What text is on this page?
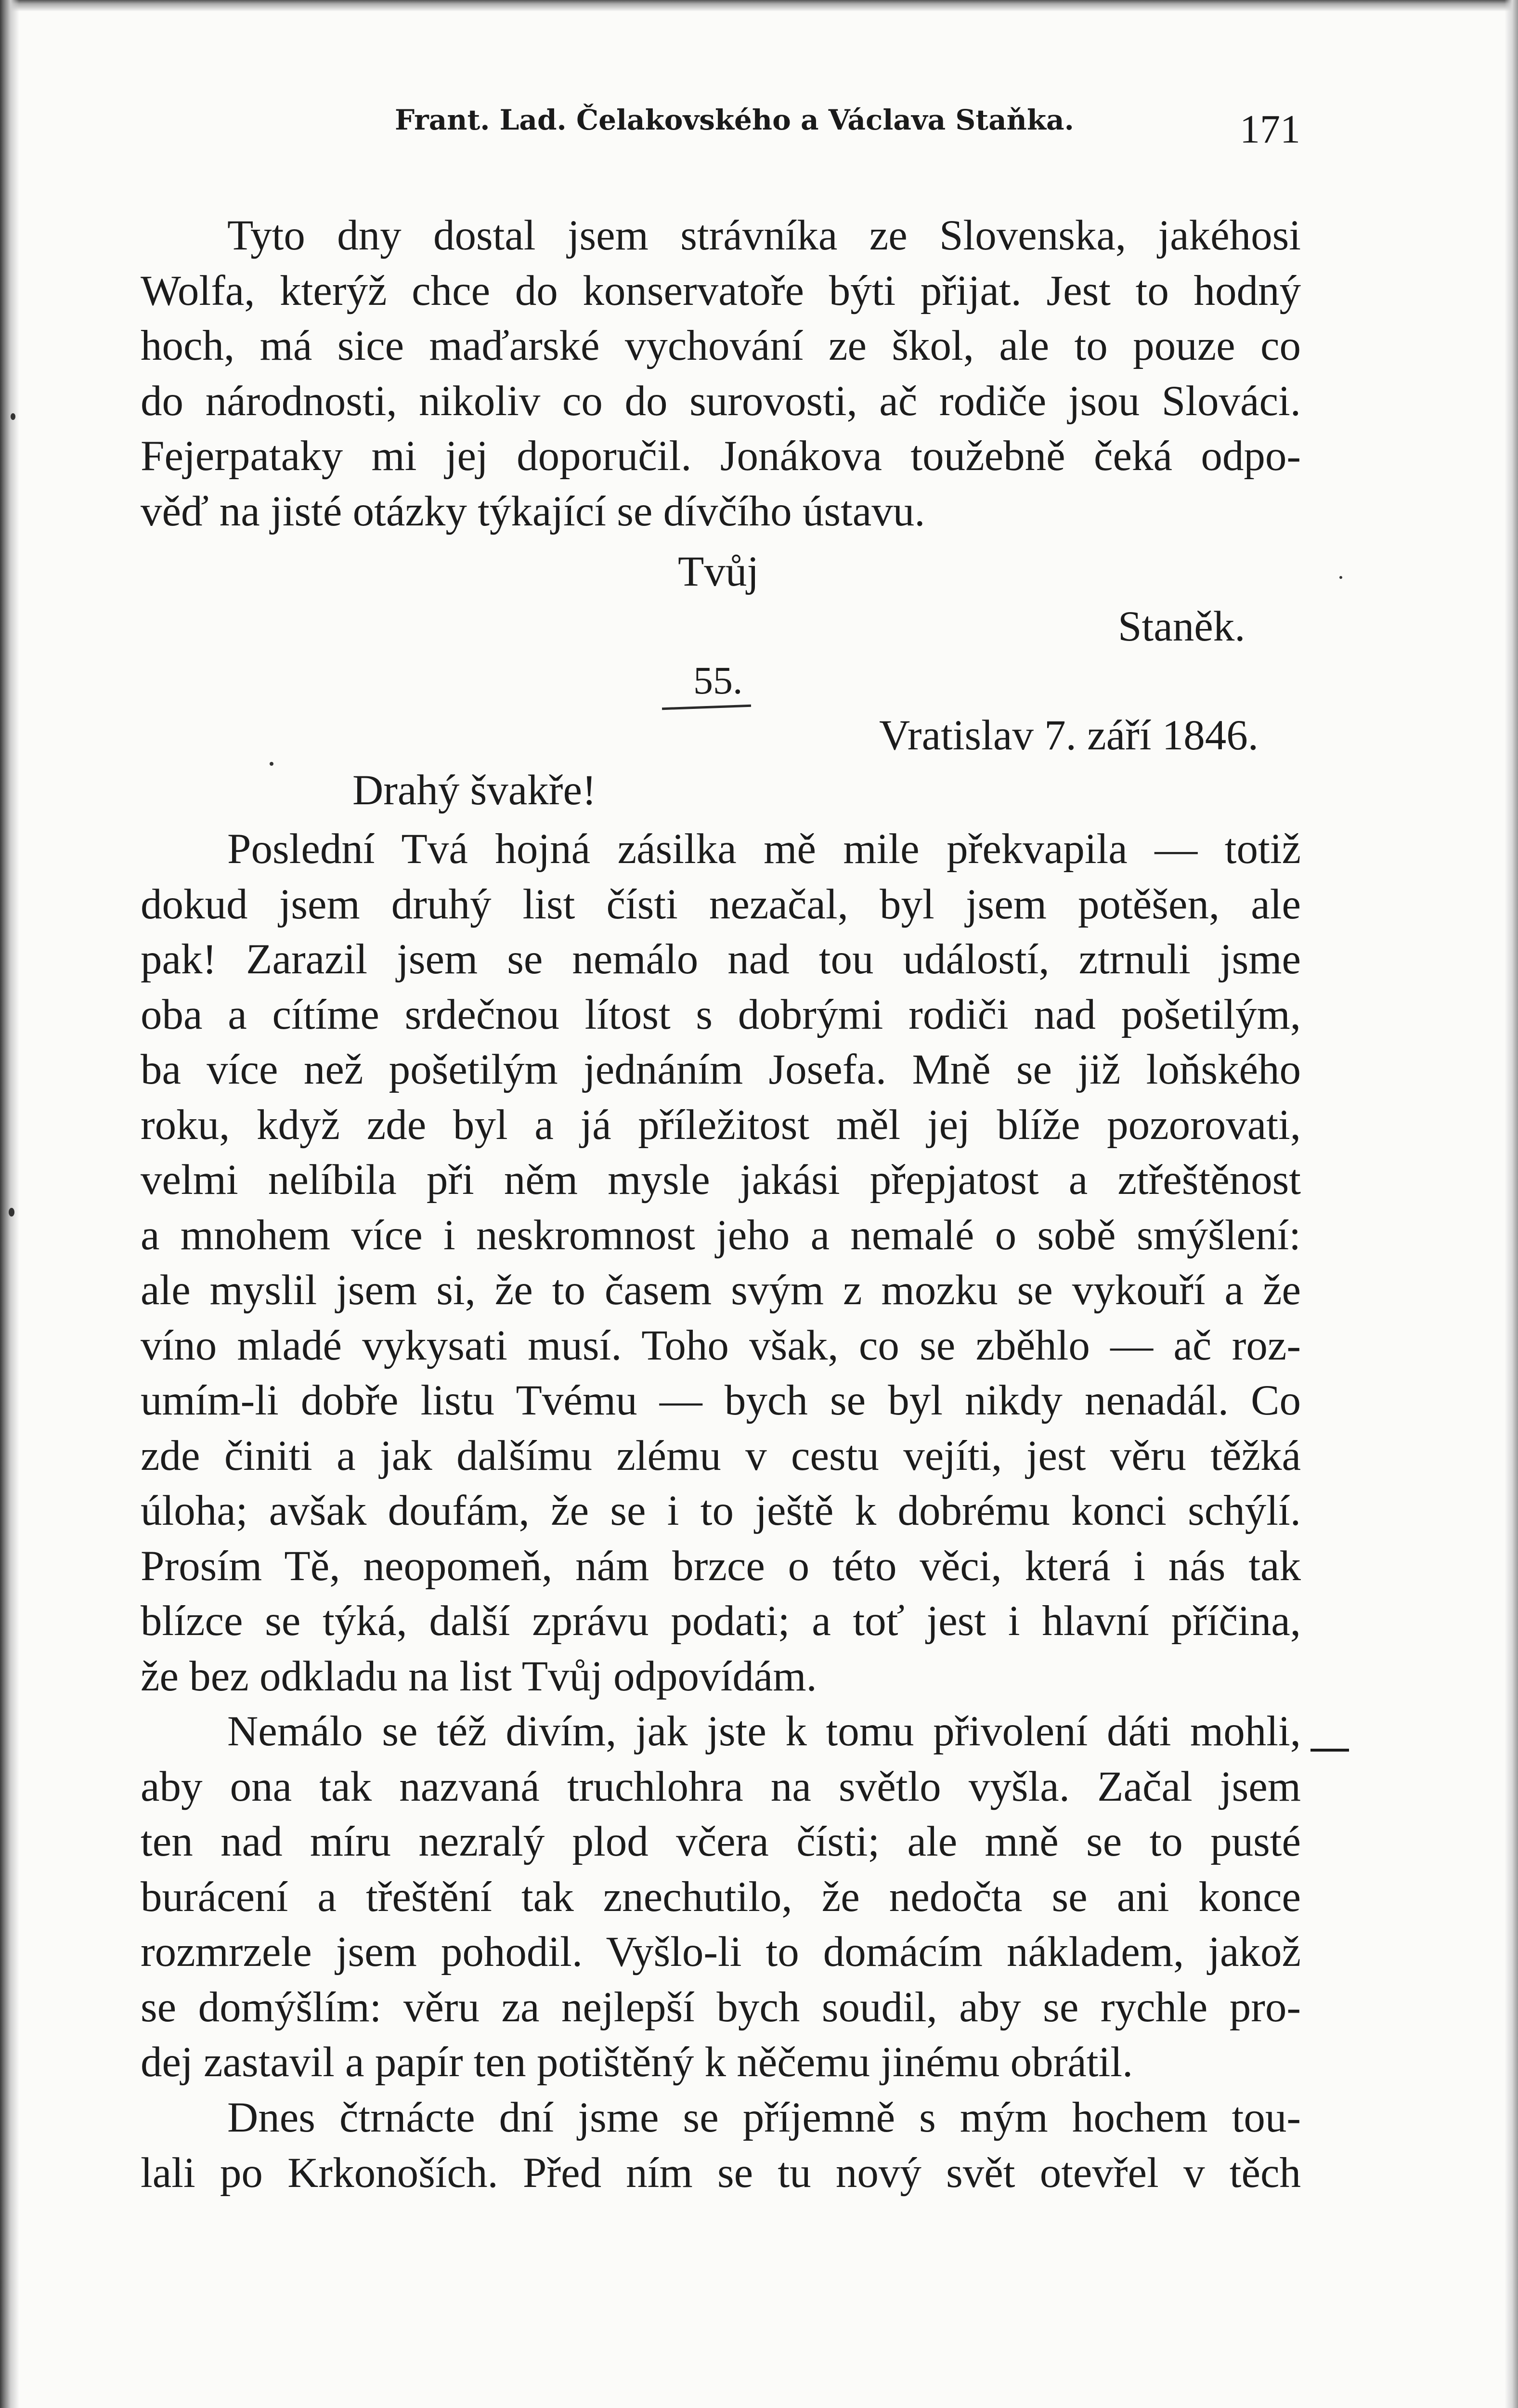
Frant. Lad. Čelakovského a Václava Staňka.	171
Tyto dny dostal jsem strávníka ze Slovenska, jakéhosi
Wolfa, kterýž chce do konservatoře býti přijat. Jest to hodný
hoch, má sice maďarské vychování ze škol, ale to pouze co
do národnosti, nikoliv co do surovosti, ač rodiče jsou Slováci.
Fejerpataky mi jej doporučil. Jonákova toužebně čeká odpo-
věď na jisté otázky týkající se dívčího ústavu.
Tvůj
Staněk.
55.
Vratislav 7. září 1846.
Drahý švakře!
Poslední Tvá hojná zásilka mě mile překvapila — totiž
dokud jsem druhý list čísti nezačal, byl jsem potěšen, ale
pak! Zarazil jsem se nemálo nad tou událostí, ztrnuli jsme
oba a cítíme srdečnou lítost s dobrými rodiči nad pošetilým,
ba více než pošetilým jednáním Josefa. Mně se již loňského
roku, když zde byl a já příležitost měl jej blíže pozorovati,
velmi nelíbila při něm mysle jakási přepjatost a ztřeštěnost
a mnohem více i neskromnost jeho a nemalé o sobě smýšlení:
ale myslil jsem si, že to časem svým z mozku se vykouří a že
víno mladé vykysati musí. Toho však, co se zběhlo — ač roz-
umím-li dobře listu Tvému — bych se byl nikdy nenadál. Co
zde činiti a jak dalšímu zlému v cestu vejíti, jest věru těžká
úloha; avšak doufám, že se i to ještě k dobrému konci schýlí.
Prosím Tě, neopomeň, nám brzce o této věci, která i nás tak
blízce se týká, další zprávu podati; a toť jest i hlavní příčina,
že bez odkladu na list Tvůj odpovídám.
Nemálo se též divím, jak jste k tomu přivolení dáti mohli,
aby ona tak nazvaná truchlohra na světlo vyšla. Začal jsem
ten nad míru nezralý plod včera čísti; ale mně se to pusté
burácení a třeštění tak znechutilo, že nedočta se ani konce
rozmrzele jsem pohodil. Vyšlo-li to domácím nákladem, jakož
se domýšlím: věru za nejlepší bych soudil, aby se rychle pro-
dej zastavil a papír ten potištěný k něčemu jinému obrátil.
Dnes čtrnácte dní jsme se příjemně s mým hochem tou-
lali po Krkonoších. Před ním se tu nový svět otevřel v těch
